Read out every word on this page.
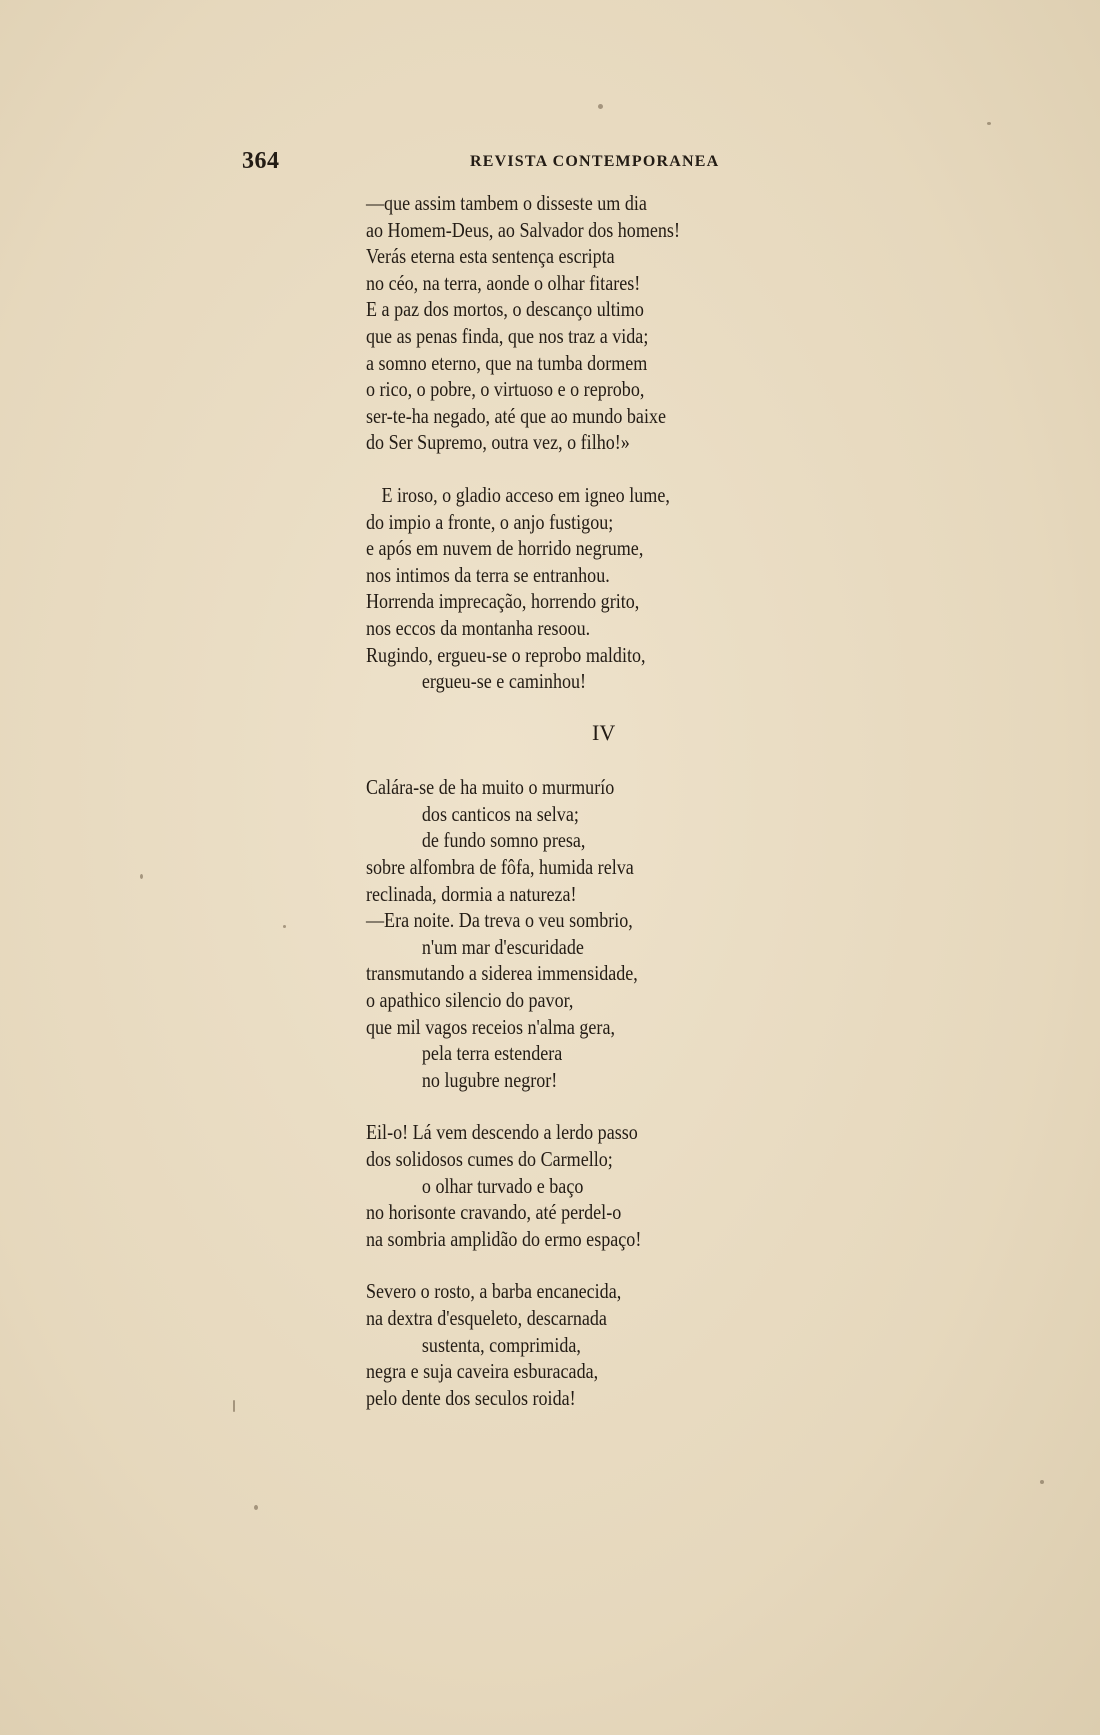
364	REVISTA CONTEMPORANEA
—que assim tambem o disseste um dia
ao Homem-Deus, ao Salvador dos homens!
Verás eterna esta sentença escripta
no céo, na terra, aonde o olhar fitares!
E a paz dos mortos, o descanço ultimo
que as penas finda, que nos traz a vida;
a somno eterno, que na tumba dormem
o rico, o pobre, o virtuoso e o reprobo,
ser-te-ha negado, até que ao mundo baixe
do Ser Supremo, outra vez, o filho!»
E iroso, o gladio acceso em igneo lume,
do impio a fronte, o anjo fustigou;
e após em nuvem de horrido negrume,
nos intimos da terra se entranhou.
Horrenda imprecação, horrendo grito,
nos eccos da montanha resoou.
Rugindo, ergueu-se o reprobo maldito,
ergueu-se e caminhou!
IV
Calára-se de ha muito o murmurío
dos canticos na selva;
de fundo somno presa,
sobre alfombra de fôfa, humida relva
reclinada, dormia a natureza!
—Era noite. Da treva o veu sombrio,
n'um mar d'escuridade
transmutando a siderea immensidade,
o apathico silencio do pavor,
que mil vagos receios n'alma gera,
pela terra estendera
no lugubre negror!
Eil-o! Lá vem descendo a lerdo passo
dos solidosos cumes do Carmello;
o olhar turvado e baço
no horisonte cravando, até perdel-o
na sombria amplidão do ermo espaço!
Severo o rosto, a barba encanecida,
na dextra d'esqueleto, descarnada
sustenta, comprimida,
negra e suja caveira esburacada,
pelo dente dos seculos roida!
